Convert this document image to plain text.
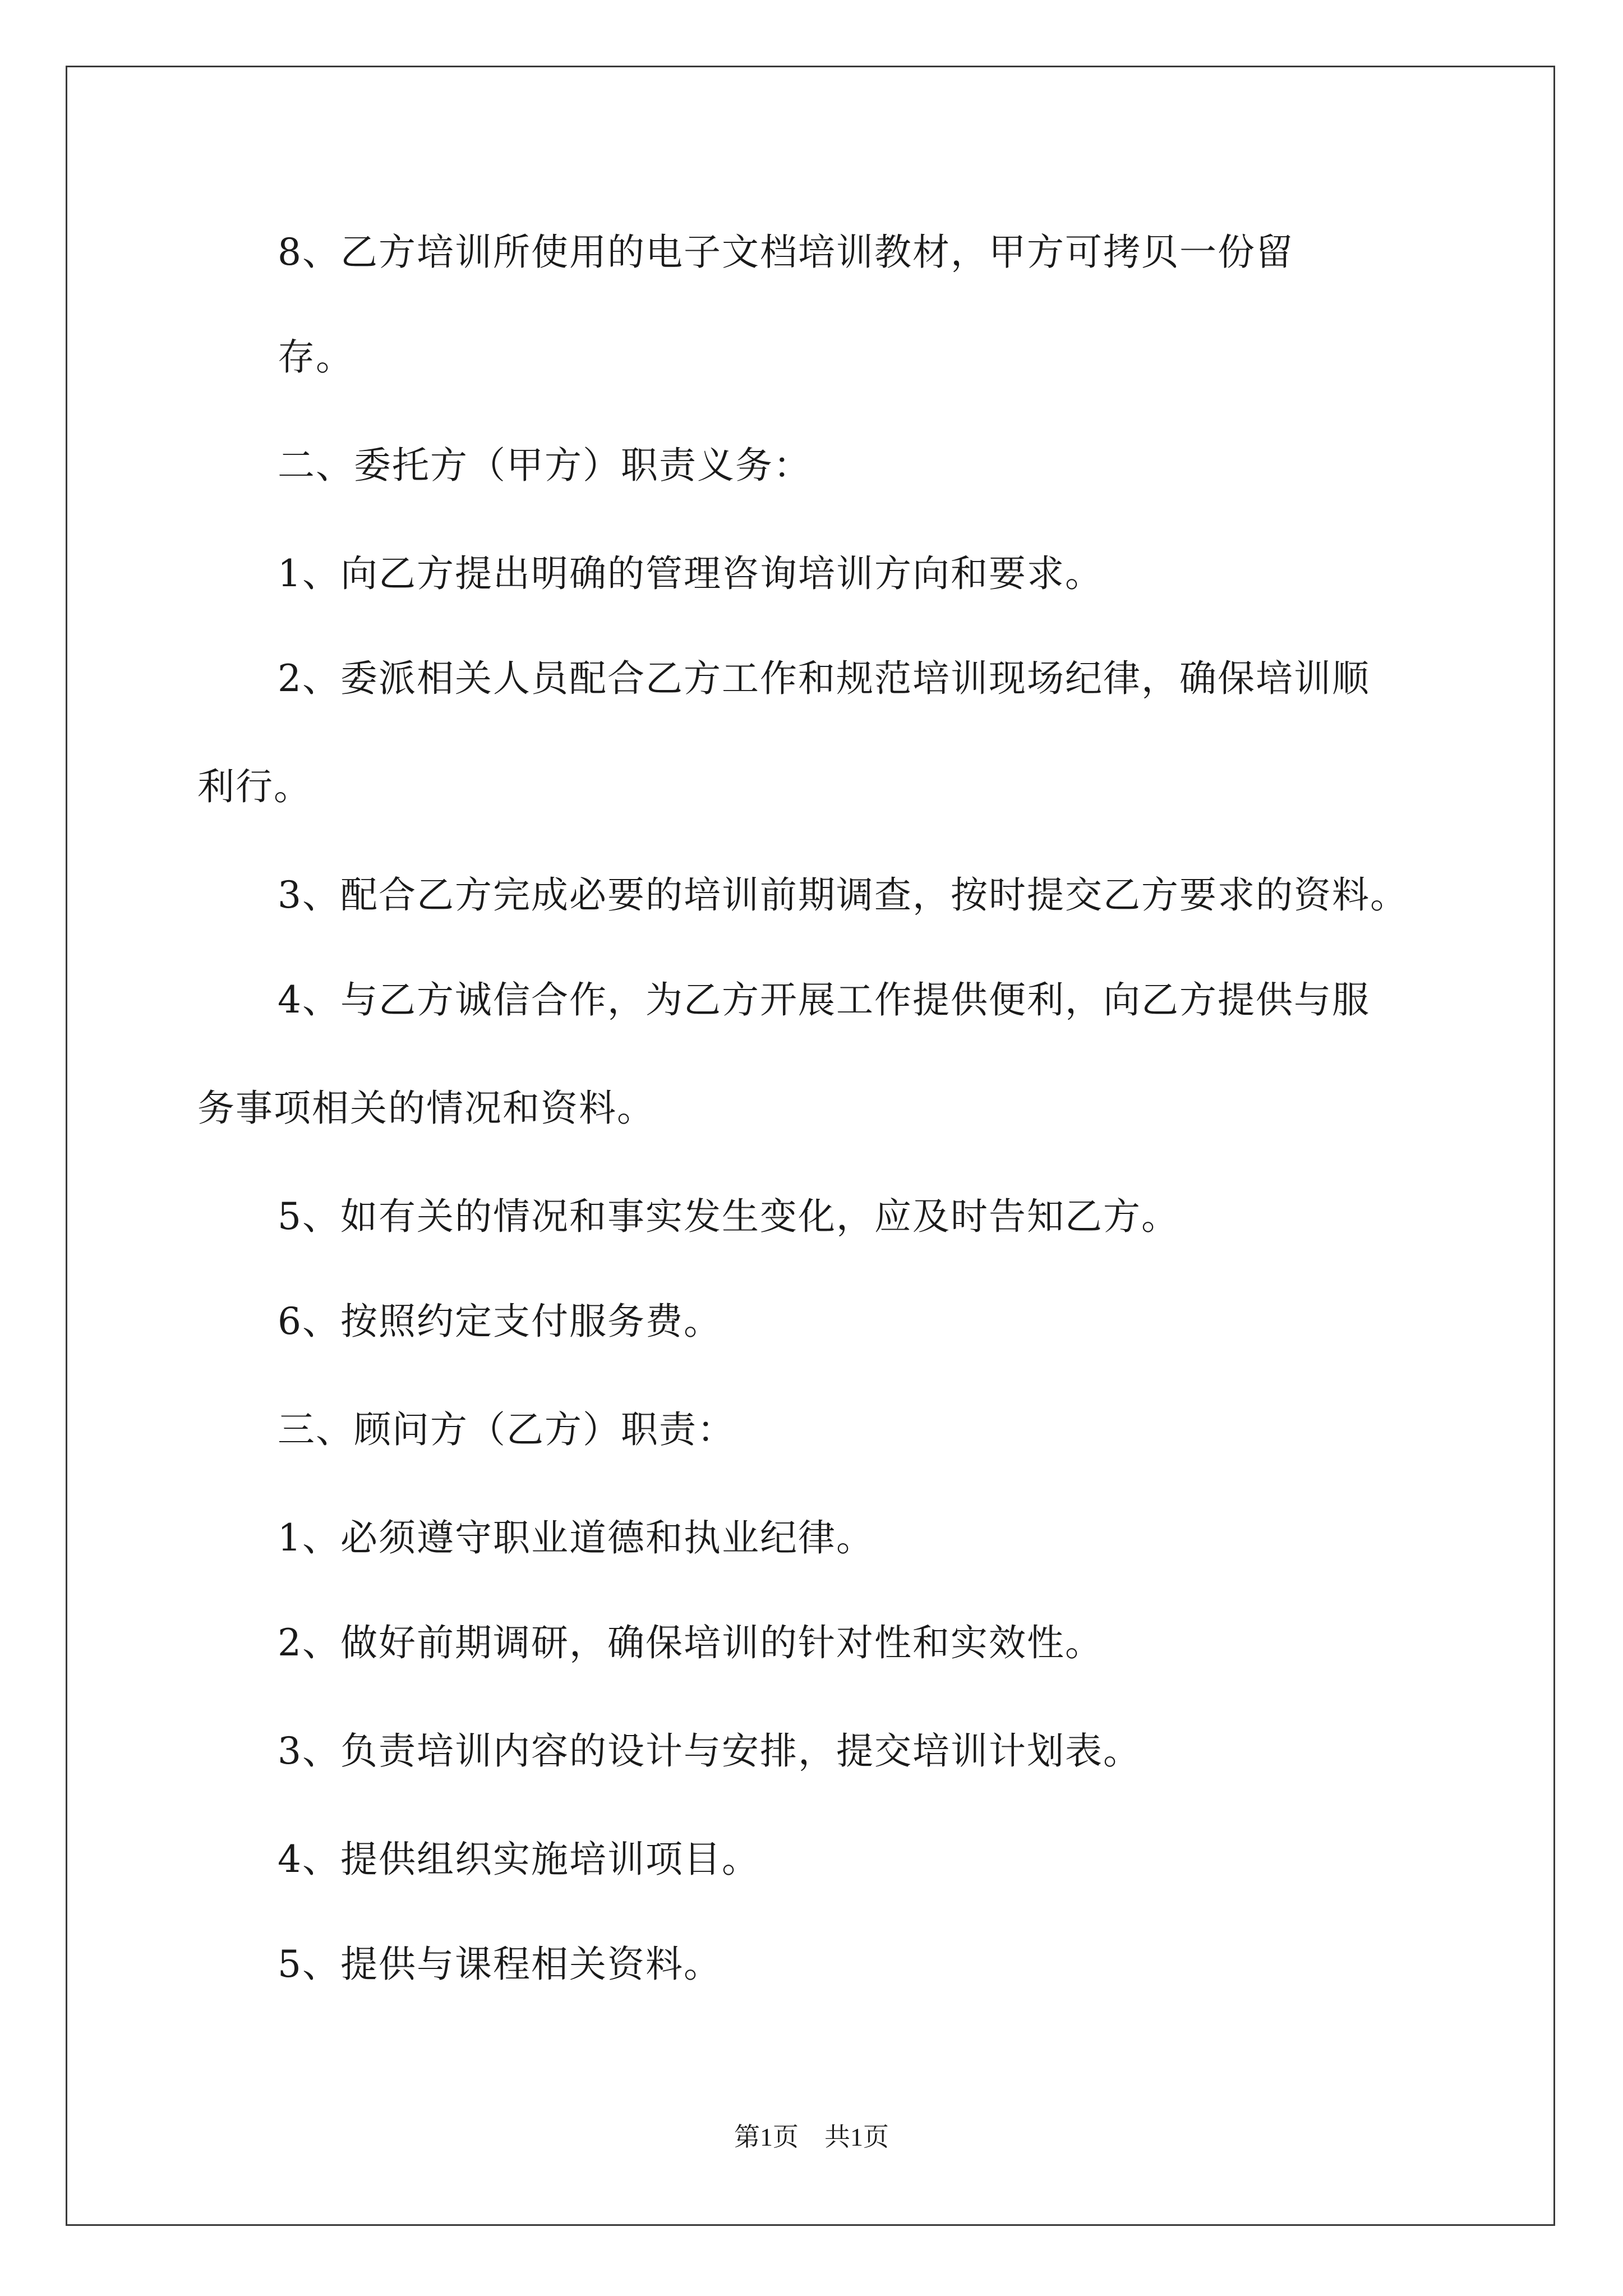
8、乙方培训所使用的电子文档培训教材，甲方可拷贝一份留

存。

二、委托方（甲方）职责义务：

1、向乙方提出明确的管理咨询培训方向和要求。

2、委派相关人员配合乙方工作和规范培训现场纪律，确保培训顺

利行。

3、配合乙方完成必要的培训前期调查，按时提交乙方要求的资料。

4、与乙方诚信合作，为乙方开展工作提供便利，向乙方提供与服

务事项相关的情况和资料。

5、如有关的情况和事实发生变化，应及时告知乙方。

6、按照约定支付服务费。

三、顾问方（乙方）职责：

1、必须遵守职业道德和执业纪律。

2、做好前期调研，确保培训的针对性和实效性。

3、负责培训内容的设计与安排，提交培训计划表。

4、提供组织实施培训项目。

5、提供与课程相关资料。

第1页　共1页
